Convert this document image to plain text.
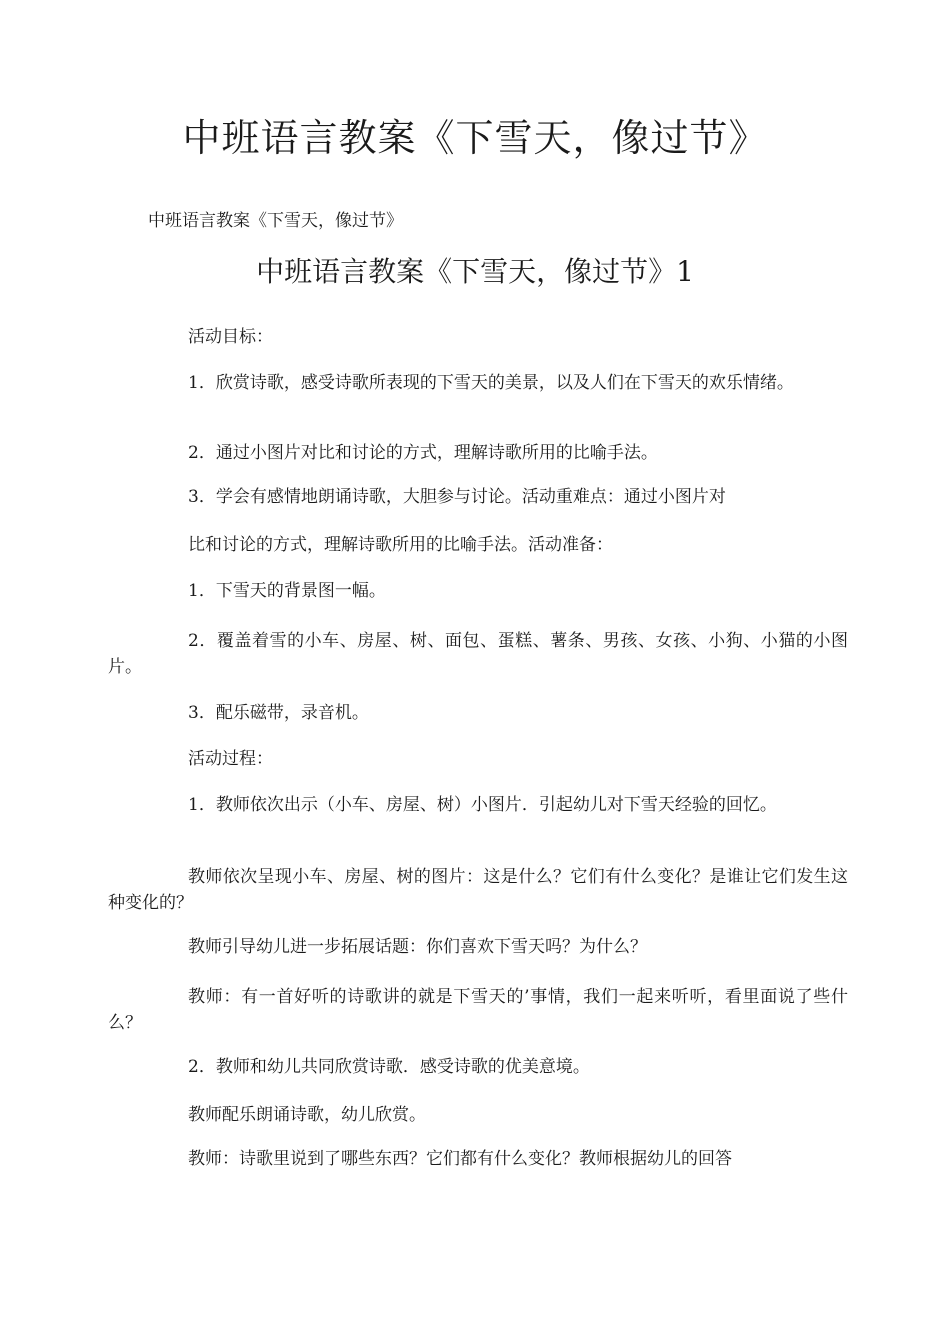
中班语言教案《下雪天，像过节》

中班语言教案《下雪天，像过节》

中班语言教案《下雪天，像过节》1

活动目标：

1．欣赏诗歌，感受诗歌所表现的下雪天的美景，以及人们在下雪天的欢乐情绪。

2．通过小图片对比和讨论的方式，理解诗歌所用的比喻手法。

3．学会有感情地朗诵诗歌，大胆参与讨论。活动重难点：通过小图片对

比和讨论的方式，理解诗歌所用的比喻手法。活动准备：

1．下雪天的背景图一幅。

2．覆盖着雪的小车、房屋、树、面包、蛋糕、薯条、男孩、女孩、小狗、小猫的小图片。

3．配乐磁带，录音机。

活动过程：

1．教师依次出示（小车、房屋、树）小图片．引起幼儿对下雪天经验的回忆。

教师依次呈现小车、房屋、树的图片：这是什么？它们有什么变化？是谁让它们发生这种变化的？

教师引导幼儿进一步拓展话题：你们喜欢下雪天吗？为什么？

教师：有一首好听的诗歌讲的就是下雪天的’事情，我们一起来听听，看里面说了些什么？

2．教师和幼儿共同欣赏诗歌．感受诗歌的优美意境。

教师配乐朗诵诗歌，幼儿欣赏。

教师：诗歌里说到了哪些东西？它们都有什么变化？教师根据幼儿的回答
